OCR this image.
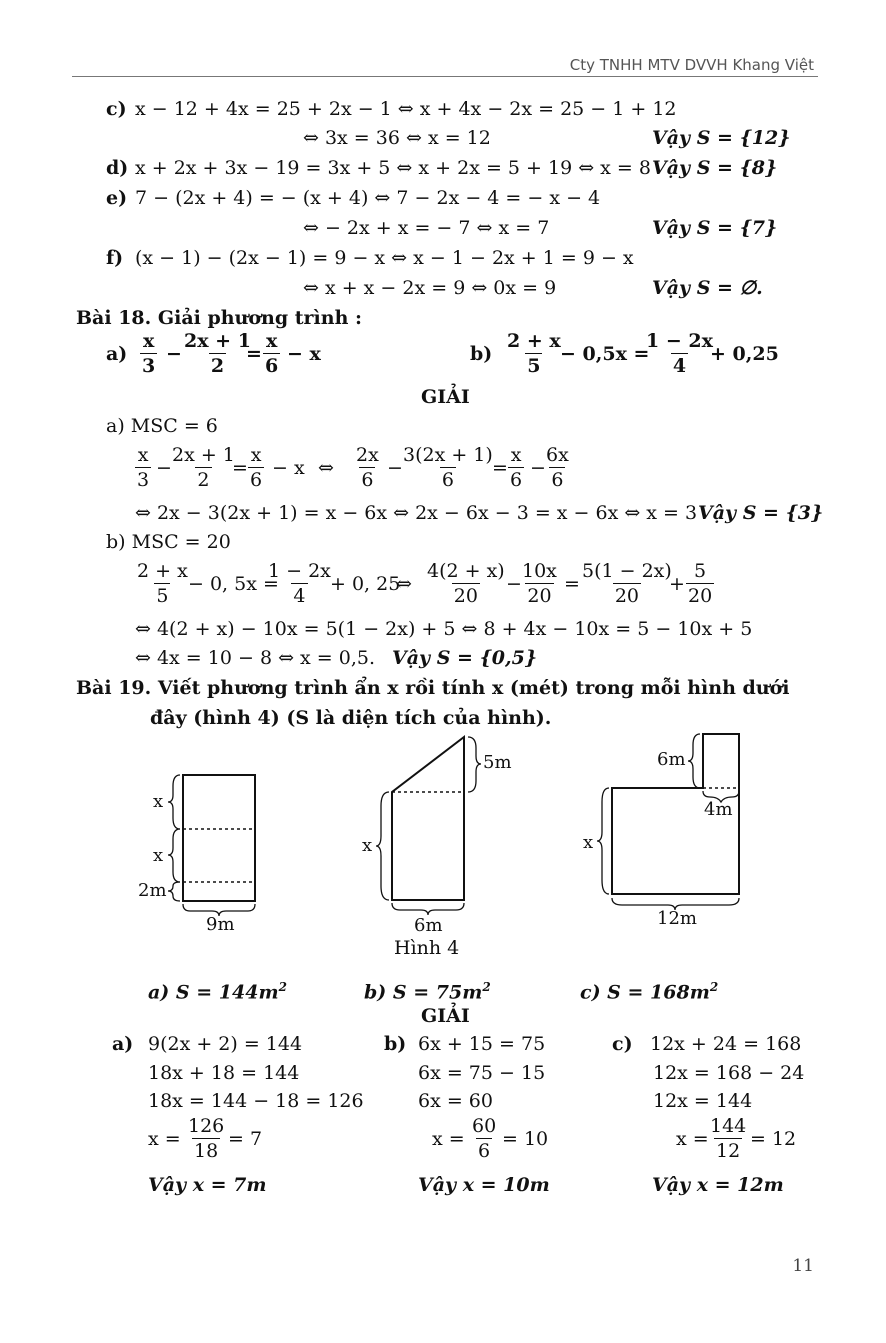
Cty TNHH MTV DVVH Khang Việt
c) x − 12 + 4x = 25 + 2x − 1 ⇔ x + 4x − 2x = 25 − 1 + 12
⇔ 3x = 36 ⇔ x = 12	Vậy S = {12}
d) x + 2x + 3x − 19 = 3x + 5 ⇔ x + 2x = 5 + 19 ⇔ x = 8 Vậy S = {8}
e) 7 − (2x + 4) = − (x + 4) ⇔ 7 − 2x − 4 = − x − 4
⇔ − 2x + x = − 7 ⇔ x = 7	Vậy S = {7}
f) (x − 1) − (2x − 1) = 9 − x ⇔ x − 1 − 2x + 1 = 9 − x
⇔ x + x − 2x = 9 ⇔ 0x = 9	Vậy S = ∅.
Bài 18. Giải phương trình :
$a) \frac{x}{3} - \frac{2x + 1}{2}$
= $\frac{x}{6} - x$	$b) \frac{2 + x}{5}$
− 0,5x =
$\frac{1 - 2x}{4}$
+ 0,25
GIẢI
a) MSC = 6
$\frac{x}{3}$ −
$\frac{2x + 1}{2}$
= $\frac{x}{6} - x$ ⇔ $\frac{2x}{6}$ −
$\frac{3(2x + 1)}{6}$
= $\frac{x}{6}$ −
$\frac{6x}{6}$
⇔ 2x − 3(2x + 1) = x − 6x ⇔ 2x − 6x − 3 = x − 6x ⇔ x = 3 Vậy S = {3}
b) MSC = 20
$\frac{2 + x}{5}$
− 0, 5x =
$\frac{1 - 2x}{4}$
+ 0, 25
⇔ $\frac{4(2 + x)}{20}$ −
$\frac{10x}{20} = \frac{5(1 - 2x)}{20}$
+ $\frac{5}{20}$
⇔ 4(2 + x) − 10x = 5(1 − 2x) + 5 ⇔ 8 + 4x − 10x = 5 − 10x + 5
⇔ 4x = 10 − 8 ⇔ x = 0,5. Vậy S = {0,5}
Bài 19. Viết phương trình ẩn x rồi tính x (mét) trong mỗi hình dưới
đây (hình 4) (S là diện tích của hình).
x
x
2m
9m
5m
x
6m
6m
4m
x
12m
Hình 4
a) $S = 144m^2$	b) $S = 75m^2$	c) $S = 168m^2$
GIẢI
a) 9(2x + 2) = 144
18x + 18 = 144
18x = 144 − 18 = 126
$x = \frac{126}{18} = 7$
Vậy x = 7m
b) 6x + 15 = 75
6x = 75 − 15
6x = 60
$x = \frac{60}{6} = 10$
Vậy x = 10m
c) 12x + 24 = 168
12x = 168 − 24
12x = 144
$x = \frac{144}{12} = 12$
Vậy x = 12m
11
